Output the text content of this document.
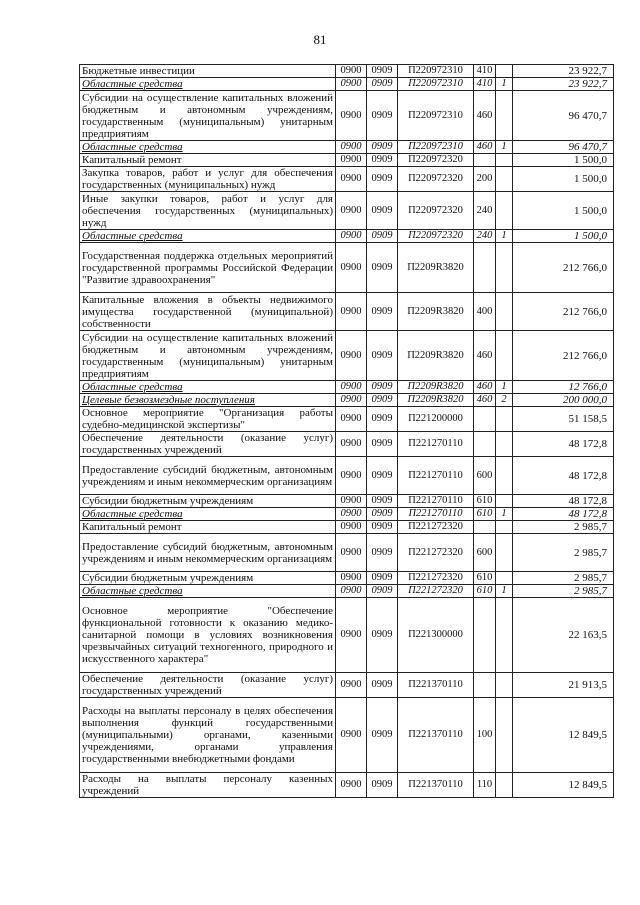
81
Бюджетные инвестиции	0900	0909	П220972310	410		23 922,7
Областные средства	0900	0909	П220972310	410	1	23 922,7
Субсидии на осуществление капитальных вложений бюджетным и автономным учреждениям, государственным (муниципальным) унитарным предприятиям	0900	0909	П220972310	460		96 470,7
Областные средства	0900	0909	П220972310	460	1	96 470,7
Капитальный ремонт	0900	0909	П220972320			1 500,0
Закупка товаров, работ и услуг для обеспечения государственных (муниципальных) нужд	0900	0909	П220972320	200		1 500,0
Иные закупки товаров, работ и услуг для обеспечения государственных (муниципальных) нужд	0900	0909	П220972320	240		1 500,0
Областные средства	0900	0909	П220972320	240	1	1 500,0
Государственная поддержка отдельных мероприятий государственной программы Российской Федерации "Развитие здравоохранения"	0900	0909	П2209R3820			212 766,0
Капитальные вложения в объекты недвижимого имущества государственной (муниципальной) собственности	0900	0909	П2209R3820	400		212 766,0
Субсидии на осуществление капитальных вложений бюджетным и автономным учреждениям, государственным (муниципальным) унитарным предприятиям	0900	0909	П2209R3820	460		212 766,0
Областные средства	0900	0909	П2209R3820	460	1	12 766,0
Целевые безвозмездные поступления	0900	0909	П2209R3820	460	2	200 000,0
Основное мероприятие "Организация работы судебно-медицинской экспертизы"	0900	0909	П221200000			51 158,5
Обеспечение деятельности (оказание услуг) государственных учреждений	0900	0909	П221270110			48 172,8
Предоставление субсидий бюджетным, автономным учреждениям и иным некоммерческим организациям	0900	0909	П221270110	600		48 172,8
Субсидии бюджетным учреждениям	0900	0909	П221270110	610		48 172,8
Областные средства	0900	0909	П221270110	610	1	48 172,8
Капитальный ремонт	0900	0909	П221272320			2 985,7
Предоставление субсидий бюджетным, автономным учреждениям и иным некоммерческим организациям	0900	0909	П221272320	600		2 985,7
Субсидии бюджетным учреждениям	0900	0909	П221272320	610		2 985,7
Областные средства	0900	0909	П221272320	610	1	2 985,7
Основное мероприятие "Обеспечение функциональной готовности к оказанию медико-санитарной помощи в условиях возникновения чрезвычайных ситуаций техногенного, природного и искусственного характера"	0900	0909	П221300000			22 163,5
Обеспечение деятельности (оказание услуг) государственных учреждений	0900	0909	П221370110			21 913,5
Расходы на выплаты персоналу в целях обеспечения выполнения функций государственными (муниципальными) органами, казенными учреждениями, органами управления государственными внебюджетными фондами	0900	0909	П221370110	100		12 849,5
Расходы на выплаты персоналу казенных учреждений	0900	0909	П221370110	110		12 849,5
